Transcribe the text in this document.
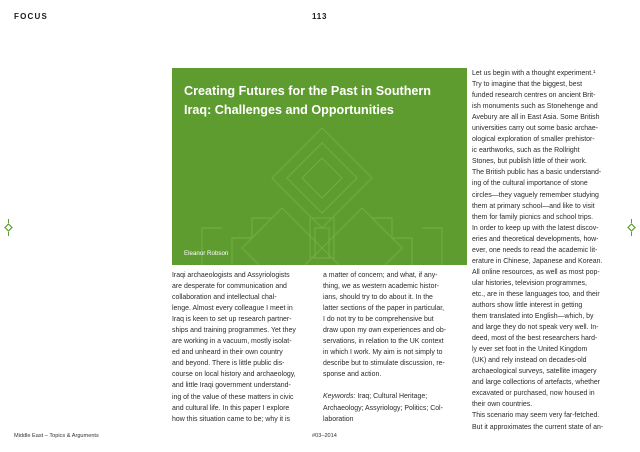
FOCUS	113
Creating Futures for the Past in Southern Iraq: Challenges and Opportunities
Eleanor Robson
Iraqi archaeologists and Assyriologists
are desperate for communication and
collaboration and intellectual chal-
lenge. Almost every colleague I meet in
Iraq is keen to set up research partner-
ships and training programmes. Yet they
are working in a vacuum, mostly isolat-
ed and unheard in their own country
and beyond. There is little public dis-
course on local history and archaeology,
and little Iraqi government understand-
ing of the value of these matters in civic
and cultural life. In this paper I explore
how this situation came to be; why it is
a matter of concern; and what, if any-
thing, we as western academic histor-
ians, should try to do about it. In the
latter sections of the paper in particular,
I do not try to be comprehensive but
draw upon my own experiences and ob-
servations, in relation to the UK context
in which I work. My aim is not simply to
describe but to stimulate discussion, re-
sponse and action.
Keywords: Iraq; Cultural Heritage;
Archaeology; Assyriology; Politics; Col-
laboration
Let us begin with a thought experiment.¹
Try to imagine that the biggest, best
funded research centres on ancient Brit-
ish monuments such as Stonehenge and
Avebury are all in East Asia. Some British
universities carry out some basic archae-
ological exploration of smaller prehistor-
ic earthworks, such as the Rollright
Stones, but publish little of their work.
The British public has a basic understand-
ing of the cultural importance of stone
circles—they vaguely remember studying
them at primary school—and like to visit
them for family picnics and school trips.
In order to keep up with the latest discov-
eries and theoretical developments, how-
ever, one needs to read the academic lit-
erature in Chinese, Japanese and Korean.
All online resources, as well as most pop-
ular histories, television programmes,
etc., are in these languages too, and their
authors show little interest in getting
them translated into English—which, by
and large they do not speak very well. In-
deed, most of the best researchers hard-
ly ever set foot in the United Kingdom
(UK) and rely instead on decades-old
archaeological surveys, satellite imagery
and large collections of artefacts, whether
excavated or purchased, now housed in
their own countries.
This scenario may seem very far-fetched.
But it approximates the current state of an-
Middle East – Topics & Arguments	#03–2014
